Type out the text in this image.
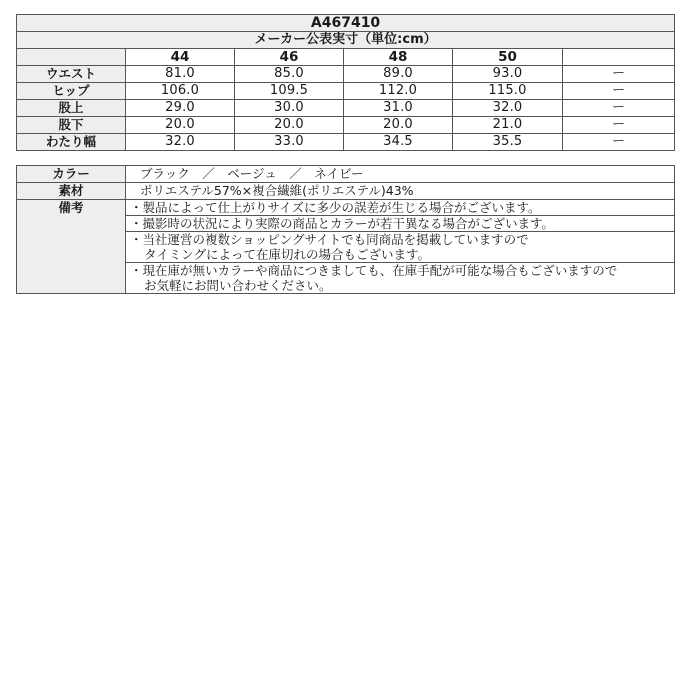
A467410					
メーカー公表実寸（単位:cm）					
	44	46	48	50	
ウエスト	81.0	85.0	89.0	93.0	ー
ヒップ	106.0	109.5	112.0	115.0	ー
股上	29.0	30.0	31.0	32.0	ー
股下	20.0	20.0	20.0	21.0	ー
わたり幅	32.0	33.0	34.5	35.5	ー
カラー	ブラック　／　ベージュ　／　ネイビー
素材	ポリエステル57%×複合繊維(ポリエステル)43%
備考	・製品によって仕上がりサイズに多少の誤差が生じる場合がございます。

	・撮影時の状況により実際の商品とカラーが若干異なる場合がございます。

	・当社運営の複数ショッピングサイトでも同商品を掲載していますので
タイミングによって在庫切れの場合もございます。

	・現在庫が無いカラーや商品につきましても、在庫手配が可能な場合もございますので
お気軽にお問い合わせください。
